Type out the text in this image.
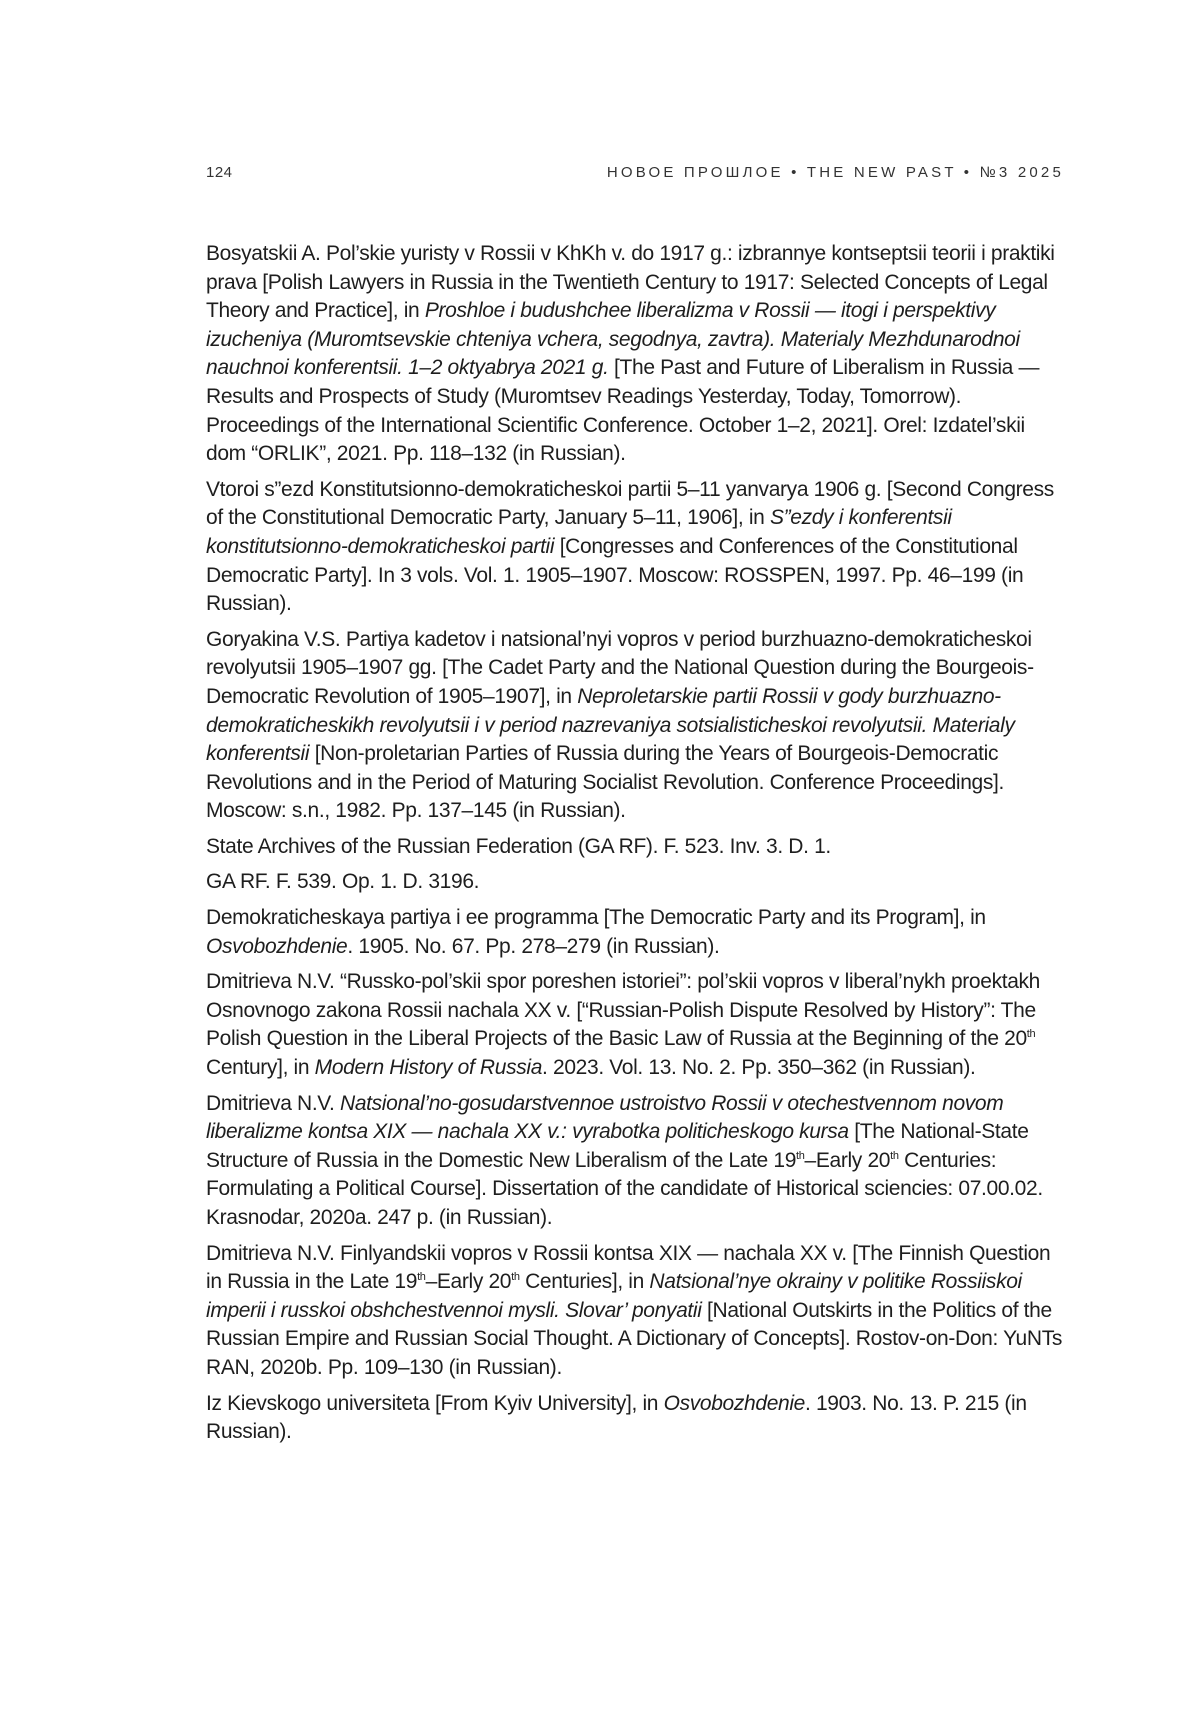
124	НОВОЕ ПРОШЛОЕ • THE NEW PAST • №3 2025

Bosyatskii A. Pol’skie yuristy v Rossii v KhKh v. do 1917 g.: izbrannye kontseptsii teorii i praktiki prava [Polish Lawyers in Russia in the Twentieth Century to 1917: Selected Concepts of Legal Theory and Practice], in Proshloe i budushchee liberalizma v Rossii — itogi i perspektivy izucheniya (Muromtsevskie chteniya vchera, segodnya, zavtra). Materialy Mezhdunarodnoi nauchnoi konferentsii. 1–2 oktyabrya 2021 g. [The Past and Future of Liberalism in Russia — Results and Prospects of Study (Muromtsev Readings Yesterday, Today, Tomorrow). Proceedings of the International Scientific Conference. October 1–2, 2021]. Orel: Izdatel’skii dom “ORLIK”, 2021. Pp. 118–132 (in Russian).

Vtoroi s”ezd Konstitutsionno-demokraticheskoi partii 5–11 yanvarya 1906 g. [Second Congress of the Constitutional Democratic Party, January 5–11, 1906], in S”ezdy i konferentsii konstitutsionno-demokraticheskoi partii [Congresses and Conferences of the Constitutional Democratic Party]. In 3 vols. Vol. 1. 1905–1907. Moscow: ROSSPEN, 1997. Pp. 46–199 (in Russian).

Goryakina V.S. Partiya kadetov i natsional’nyi vopros v period burzhuazno-demokraticheskoi revolyutsii 1905–1907 gg. [The Cadet Party and the National Question during the Bourgeois-Democratic Revolution of 1905–1907], in Neproletarskie partii Rossii v gody burzhuazno-demokraticheskikh revolyutsii i v period nazrevaniya sotsialisticheskoi revolyutsii. Materialy konferentsii [Non-proletarian Parties of Russia during the Years of Bourgeois-Democratic Revolutions and in the Period of Maturing Socialist Revolution. Conference Proceedings]. Moscow: s.n., 1982. Pp. 137–145 (in Russian).

State Archives of the Russian Federation (GA RF). F. 523. Inv. 3. D. 1.

GA RF. F. 539. Op. 1. D. 3196.

Demokraticheskaya partiya i ee programma [The Democratic Party and its Program], in Osvobozhdenie. 1905. No. 67. Pp. 278–279 (in Russian).

Dmitrieva N.V. “Russko-pol’skii spor poreshen istoriei”: pol’skii vopros v liberal’nykh proektakh Osnovnogo zakona Rossii nachala XX v. [“Russian-Polish Dispute Resolved by History”: The Polish Question in the Liberal Projects of the Basic Law of Russia at the Beginning of the 20th Century], in Modern History of Russia. 2023. Vol. 13. No. 2. Pp. 350–362 (in Russian).

Dmitrieva N.V. Natsional’no-gosudarstvennoe ustroistvo Rossii v otechestvennom novom liberalizme kontsa XIX — nachala XX v.: vyrabotka politicheskogo kursa [The National-State Structure of Russia in the Domestic New Liberalism of the Late 19th–Early 20th Centuries: Formulating a Political Course]. Dissertation of the candidate of Historical sciencies: 07.00.02. Krasnodar, 2020a. 247 p. (in Russian).

Dmitrieva N.V. Finlyandskii vopros v Rossii kontsa XIX — nachala XX v. [The Finnish Question in Russia in the Late 19th–Early 20th Centuries], in Natsional’nye okrainy v politike Rossiiskoi imperii i russkoi obshchestvennoi mysli. Slovar’ ponyatii [National Outskirts in the Politics of the Russian Empire and Russian Social Thought. A Dictionary of Concepts]. Rostov-on-Don: YuNTs RAN, 2020b. Pp. 109–130 (in Russian).

Iz Kievskogo universiteta [From Kyiv University], in Osvobozhdenie. 1903. No. 13. P. 215 (in Russian).
